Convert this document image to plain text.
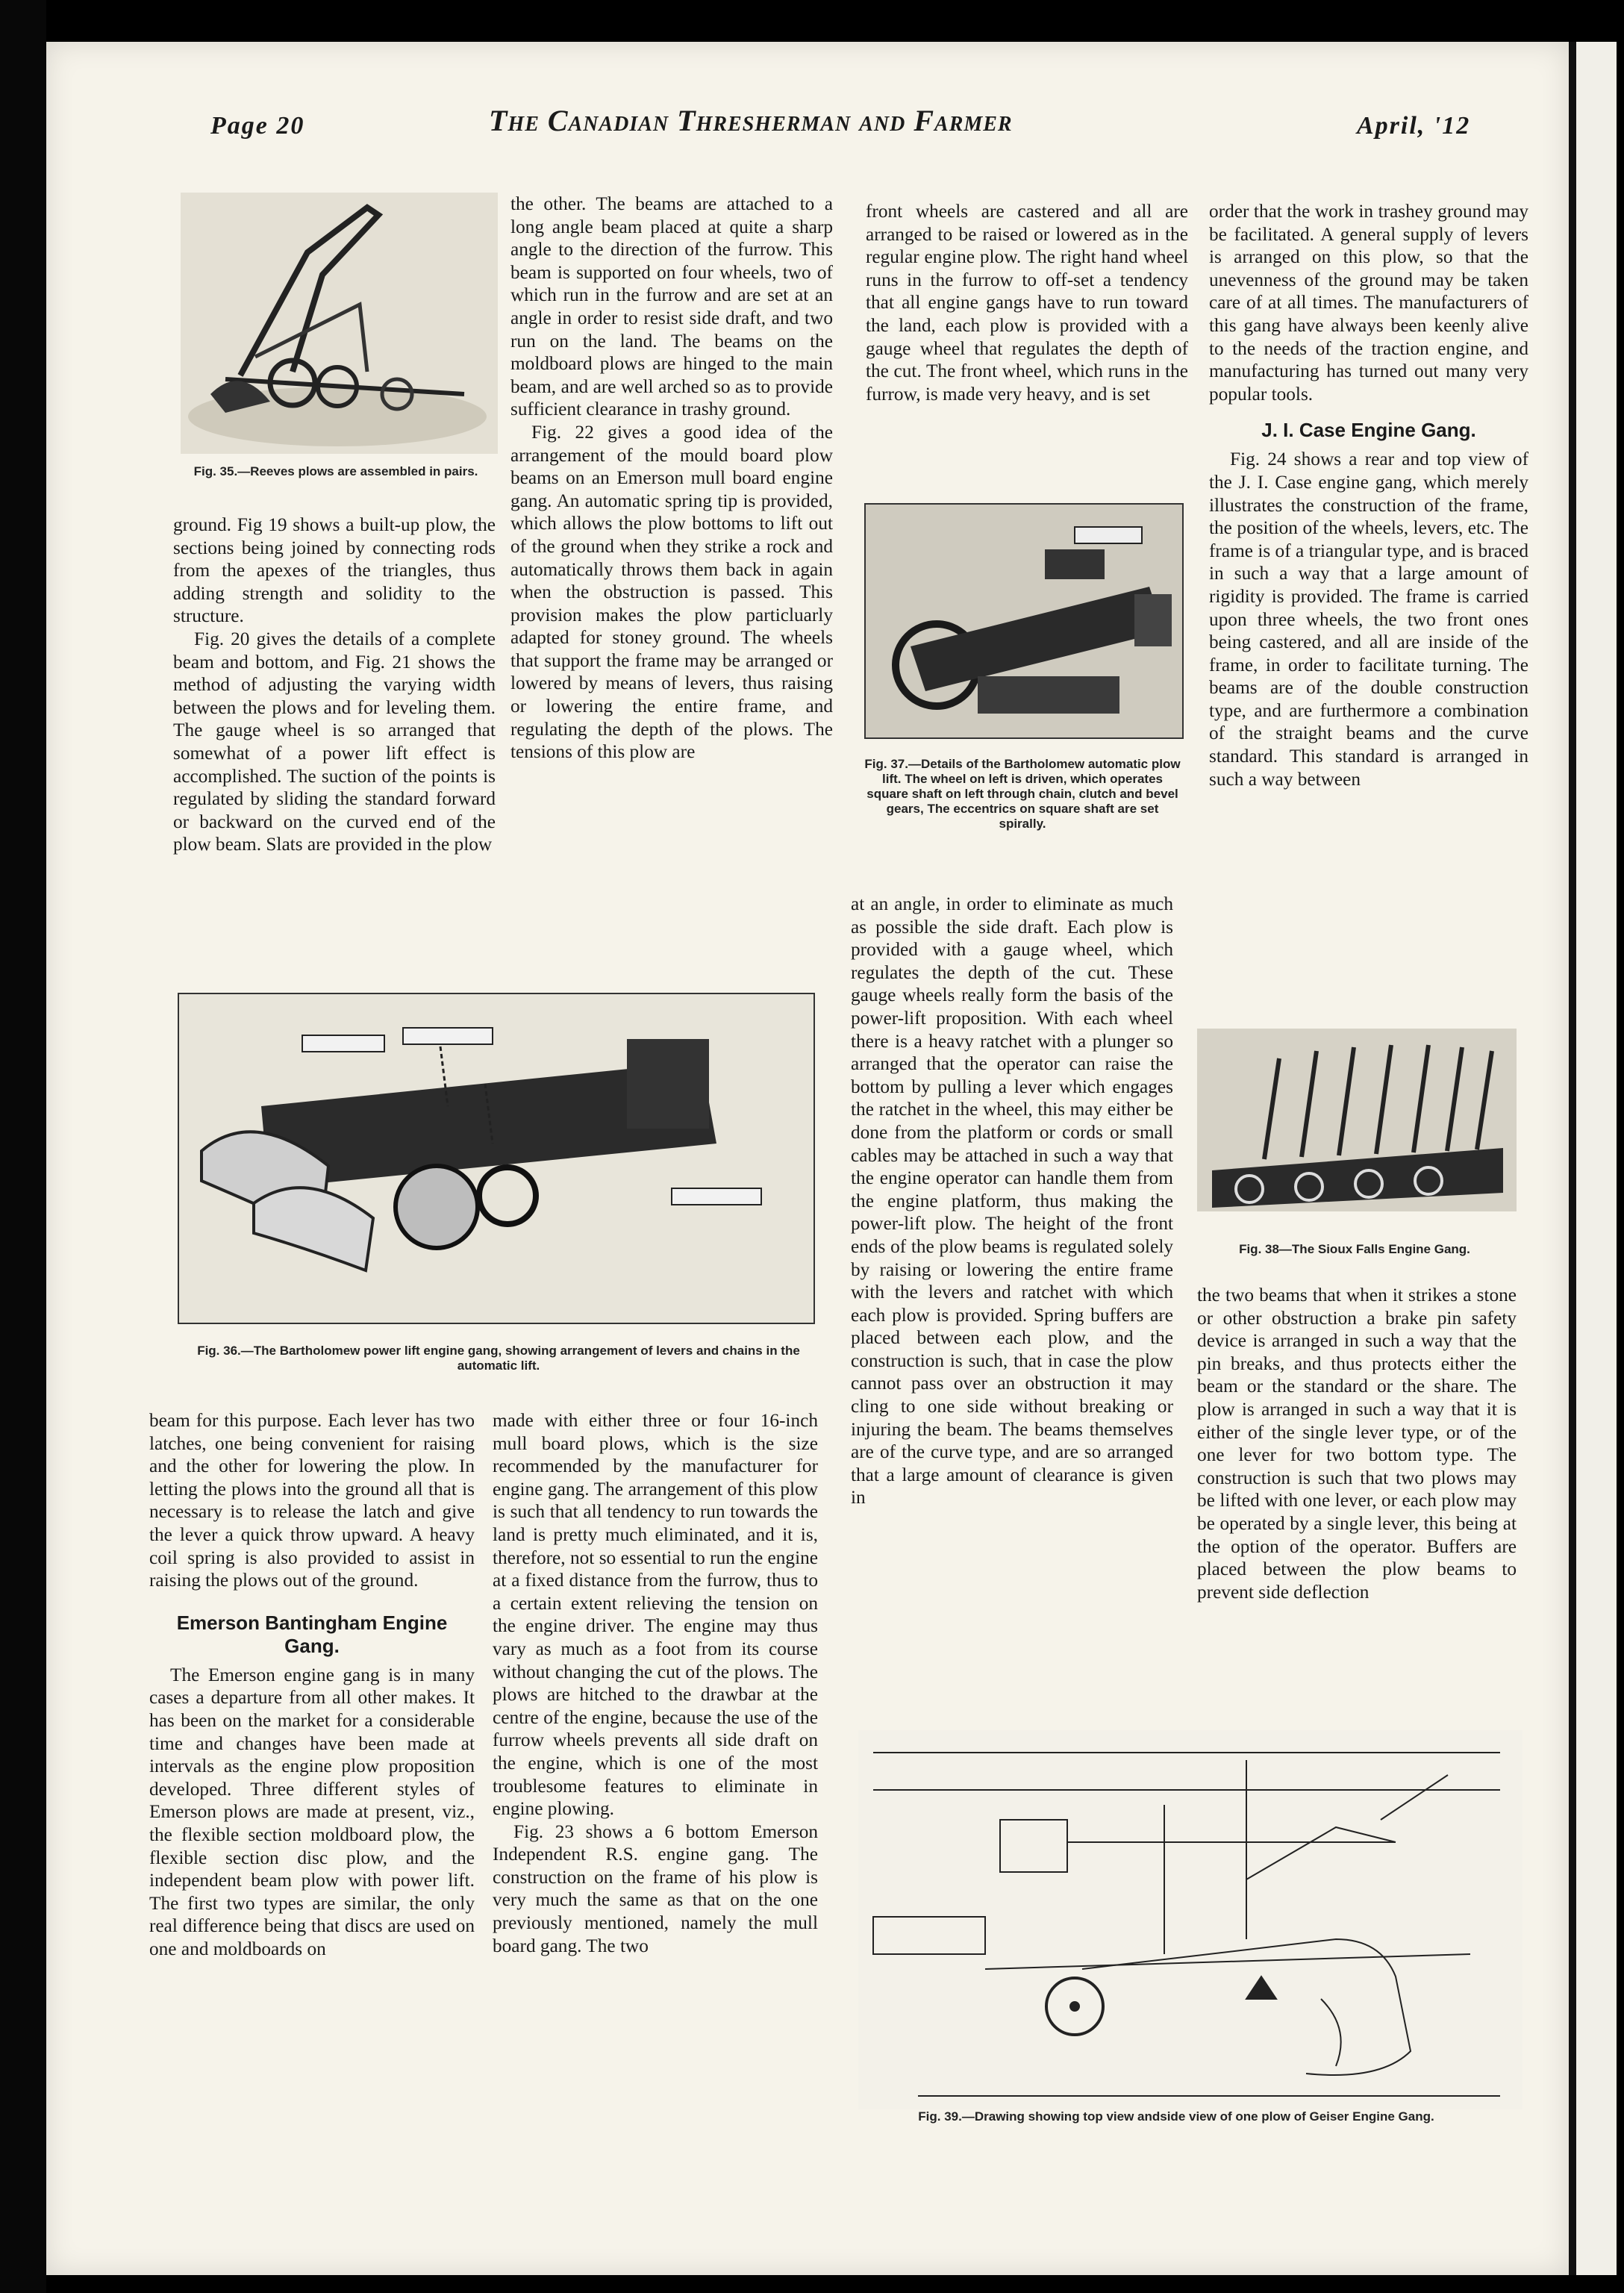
Page 20	The Canadian Thresherman and Farmer	April, '12
Fig. 35.—Reeves plows are assembled in pairs.

ground. Fig 19 shows a built-up plow, the sections being joined by connecting rods from the apexes of the triangles, thus adding strength and solidity to the structure.

Fig. 20 gives the details of a complete beam and bottom, and Fig. 21 shows the method of adjusting the varying width between the plows and for leveling them. The gauge wheel is so arranged that somewhat of a power lift effect is accomplished. The suction of the points is regulated by sliding the standard forward or backward on the curved end of the plow beam. Slats are provided in the plow

the other. The beams are attached to a long angle beam placed at quite a sharp angle to the direction of the furrow. This beam is supported on four wheels, two of which run in the furrow and are set at an angle in order to resist side draft, and two run on the land. The beams on the moldboard plows are hinged to the main beam, and are well arched so as to provide sufficient clearance in trashy ground.

Fig. 22 gives a good idea of the arrangement of the mould board plow beams on an Emerson mull board engine gang. An automatic spring tip is provided, which allows the plow bottoms to lift out of the ground when they strike a rock and automatically throws them back in again when the obstruction is passed. This provision makes the plow particluarly adapted for stoney ground. The wheels that support the frame may be arranged or lowered by means of levers, thus raising or lowering the entire frame, and regulating the depth of the plows. The tensions of this plow are

front wheels are castered and all are arranged to be raised or lowered as in the regular engine plow. The right hand wheel runs in the furrow to off-set a tendency that all engine gangs have to run toward the land, each plow is provided with a gauge wheel that regulates the depth of the cut. The front wheel, which runs in the furrow, is made very heavy, and is set

Fig. 37.—Details of the Bartholomew automatic plow lift. The wheel on left is driven, which operates square shaft on left through chain, clutch and bevel gears, The eccentrics on square shaft are set spirally.

at an angle, in order to eliminate as much as possible the side draft. Each plow is provided with a gauge wheel, which regulates the depth of the cut. These gauge wheels really form the basis of the power-lift proposition. With each wheel there is a heavy ratchet with a plunger so arranged that the operator can raise the bottom by pulling a lever which engages the ratchet in the wheel, this may either be done from the platform or cords or small cables may be attached in such a way that the engine operator can handle them from the engine platform, thus making the power-lift plow. The height of the front ends of the plow beams is regulated solely by raising or lowering the entire frame with the levers and ratchet with which each plow is provided. Spring buffers are placed between each plow, and the construction is such, that in case the plow cannot pass over an obstruction it may cling to one side without breaking or injuring the beam. The beams themselves are of the curve type, and are so arranged that a large amount of clearance is given in

order that the work in trashey ground may be facilitated. A general supply of levers is arranged on this plow, so that the unevenness of the ground may be taken care of at all times. The manufacturers of this gang have always been keenly alive to the needs of the traction engine, and manufacturing has turned out many very popular tools.

J. I. Case Engine Gang.

Fig. 24 shows a rear and top view of the J. I. Case engine gang, which merely illustrates the construction of the frame, the position of the wheels, levers, etc. The frame is of a triangular type, and is braced in such a way that a large amount of rigidity is provided. The frame is carried upon three wheels, the two front ones being castered, and all are inside of the frame, in order to facilitate turning. The beams are of the double construction type, and are furthermore a combination of the straight beams and the curve standard. This standard is arranged in such a way between

Fig. 38—The Sioux Falls Engine Gang.

the two beams that when it strikes a stone or other obstruction a brake pin safety device is arranged in such a way that the pin breaks, and thus protects either the beam or the standard or the share. The plow is arranged in such a way that it is either of the single lever type, or of the one lever for two bottom type. The construction is such that two plows may be lifted with one lever, or each plow may be operated by a single lever, this being at the option of the operator. Buffers are placed between the plow beams to prevent side deflection

Fig. 36.—The Bartholomew power lift engine gang, showing arrangement of levers and chains in the automatic lift.

beam for this purpose. Each lever has two latches, one being convenient for raising and the other for lowering the plow. In letting the plows into the ground all that is necessary is to release the latch and give the lever a quick throw upward. A heavy coil spring is also provided to assist in raising the plows out of the ground.

Emerson Bantingham Engine Gang.

The Emerson engine gang is in many cases a departure from all other makes. It has been on the market for a considerable time and changes have been made at intervals as the engine plow proposition developed. Three different styles of Emerson plows are made at present, viz., the flexible section moldboard plow, the flexible section disc plow, and the independent beam plow with power lift. The first two types are similar, the only real difference being that discs are used on one and moldboards on

made with either three or four 16-inch mull board plows, which is the size recommended by the manufacturer for engine gang. The arrangement of this plow is such that all tendency to run towards the land is pretty much eliminated, and it is, therefore, not so essential to run the engine at a fixed distance from the furrow, thus to a certain extent relieving the tension on the engine driver. The engine may thus vary as much as a foot from its course without changing the cut of the plows. The plows are hitched to the drawbar at the centre of the engine, because the use of the furrow wheels prevents all side draft on the engine, which is one of the most troublesome features to eliminate in engine plowing.

Fig. 23 shows a 6 bottom Emerson Independent R.S. engine gang. The construction on the frame of his plow is very much the same as that on the one previously mentioned, namely the mull board gang. The two

Fig. 39.—Drawing showing top view andside view of one plow of Geiser Engine Gang.
